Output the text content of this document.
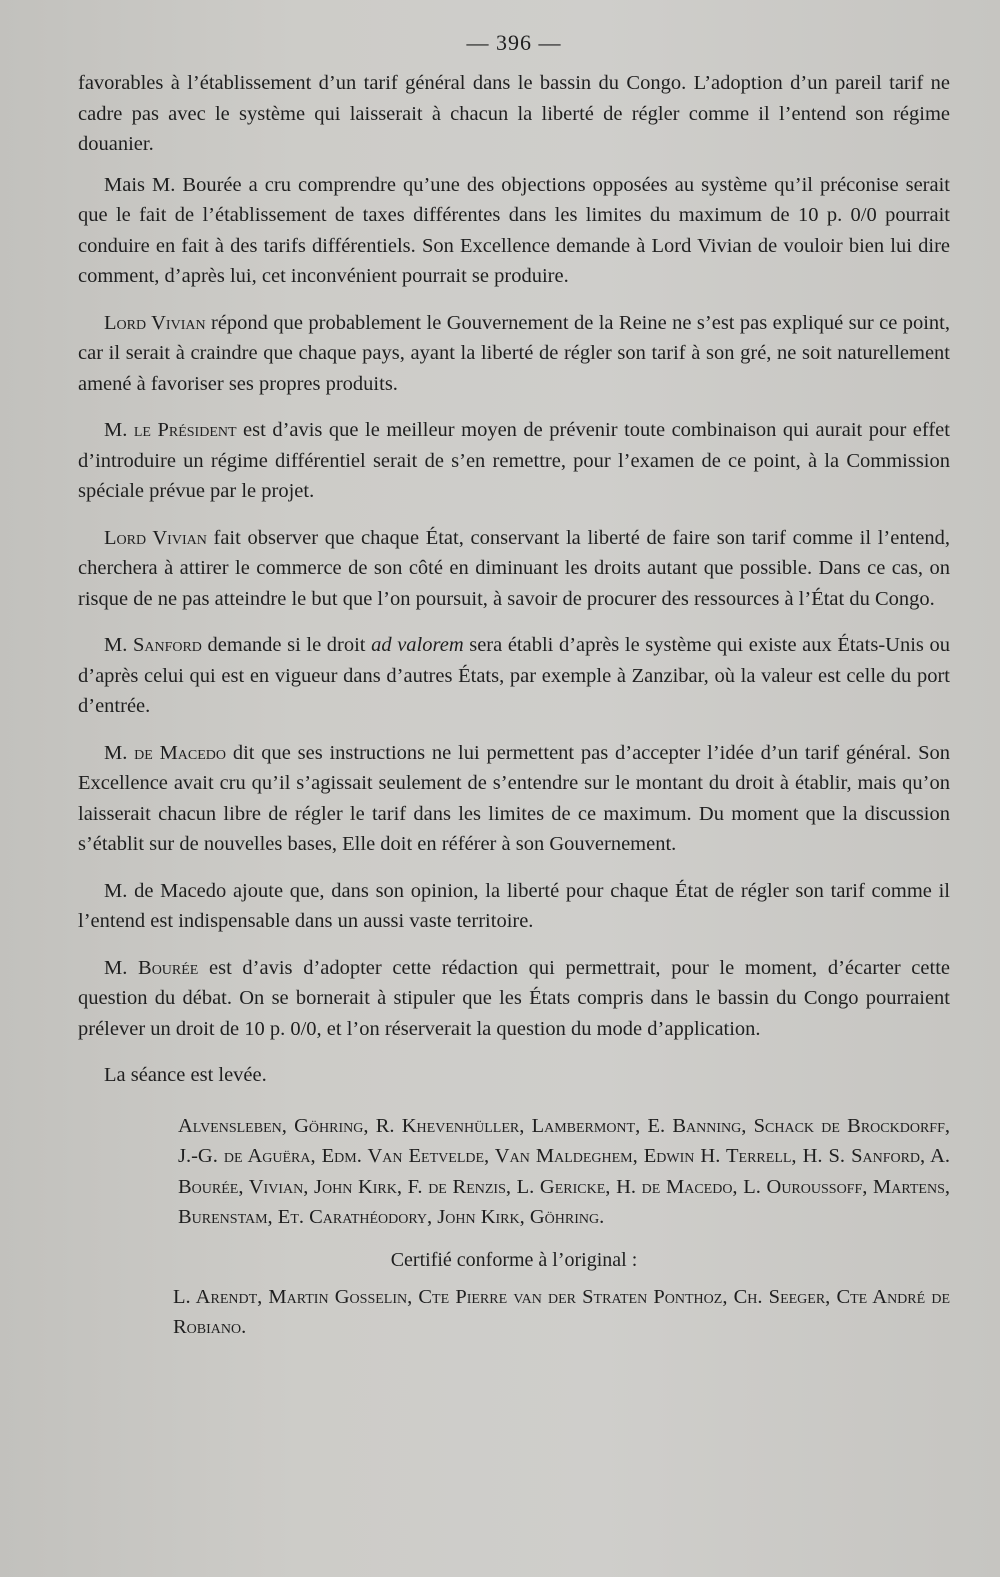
— 396 —

favorables à l’établissement d’un tarif général dans le bassin du Congo. L’adoption d’un pareil tarif ne cadre pas avec le système qui laisserait à chacun la liberté de régler comme il l’entend son régime douanier.

Mais M. Bourée a cru comprendre qu’une des objections opposées au système qu’il préconise serait que le fait de l’établissement de taxes différentes dans les limites du maximum de 10 p. 0/0 pourrait conduire en fait à des tarifs différentiels. Son Excellence demande à Lord Vivian de vouloir bien lui dire comment, d’après lui, cet inconvénient pourrait se produire.

Lord Vivian répond que probablement le Gouvernement de la Reine ne s’est pas expliqué sur ce point, car il serait à craindre que chaque pays, ayant la liberté de régler son tarif à son gré, ne soit naturellement amené à favoriser ses propres produits.

M. le Président est d’avis que le meilleur moyen de prévenir toute combinaison qui aurait pour effet d’introduire un régime différentiel serait de s’en remettre, pour l’examen de ce point, à la Commission spéciale prévue par le projet.

Lord Vivian fait observer que chaque État, conservant la liberté de faire son tarif comme il l’entend, cherchera à attirer le commerce de son côté en diminuant les droits autant que possible. Dans ce cas, on risque de ne pas atteindre le but que l’on poursuit, à savoir de procurer des ressources à l’État du Congo.

M. Sanford demande si le droit ad valorem sera établi d’après le système qui existe aux États-Unis ou d’après celui qui est en vigueur dans d’autres États, par exemple à Zanzibar, où la valeur est celle du port d’entrée.

M. de Macedo dit que ses instructions ne lui permettent pas d’accepter l’idée d’un tarif général. Son Excellence avait cru qu’il s’agissait seulement de s’entendre sur le montant du droit à établir, mais qu’on laisserait chacun libre de régler le tarif dans les limites de ce maximum. Du moment que la discussion s’établit sur de nouvelles bases, Elle doit en référer à son Gouvernement.

M. de Macedo ajoute que, dans son opinion, la liberté pour chaque État de régler son tarif comme il l’entend est indispensable dans un aussi vaste territoire.

M. Bourée est d’avis d’adopter cette rédaction qui permettrait, pour le moment, d’écarter cette question du débat. On se bornerait à stipuler que les États compris dans le bassin du Congo pourraient prélever un droit de 10 p. 0/0, et l’on réserverait la question du mode d’application.

La séance est levée.

Alvensleben, Göhring, R. Khevenhüller, Lambermont, E. Banning, Schack de Brockdorff, J.-G. de Aguëra, Edm. Van Eetvelde, Van Maldeghem, Edwin H. Terrell, H. S. Sanford, A. Bourée, Vivian, John Kirk, F. de Renzis, L. Gericke, H. de Macedo, L. Ouroussoff, Martens, Burenstam, Et. Carathéodory, John Kirk, Göhring.

Certifié conforme à l’original :

L. Arendt, Martin Gosselin, Cte Pierre van der Straten Ponthoz, Ch. Seeger, Cte André de Robiano.
